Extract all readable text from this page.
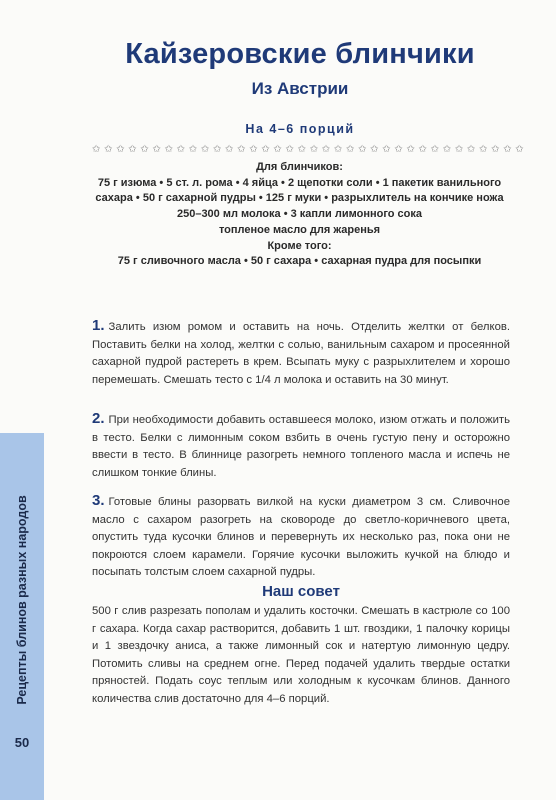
Кайзеровские блинчики
Из Австрии
На 4–6 порций
✩ ✩ ✩ ✩ ✩ ✩ ✩ ✩ ✩ ✩ ✩ ✩ ✩ ✩ ✩ ✩ ✩ ✩ ✩ ✩ ✩ ✩ ✩ ✩ ✩ ✩ ✩ ✩ ✩ ✩ ✩ ✩ ✩ ✩ ✩ ✩
Для блинчиков:
75 г изюма • 5 ст. л. рома • 4 яйца • 2 щепотки соли • 1 пакетик ванильного
сахара • 50 г сахарной пудры • 125 г муки • разрыхлитель на кончике ножа
250–300 мл молока • 3 капли лимонного сока
топленое масло для жаренья
Кроме того:
75 г сливочного масла • 50 г сахара • сахарная пудра для посыпки
1. Залить изюм ромом и оставить на ночь. Отделить желтки от белков. Поставить белки на холод, желтки с солью, ванильным сахаром и просеянной сахарной пудрой растереть в крем. Всыпать муку с разрыхлителем и хорошо перемешать. Смешать тесто с 1/4 л молока и оставить на 30 минут.
2. При необходимости добавить оставшееся молоко, изюм отжать и положить в тесто. Белки с лимонным соком взбить в очень густую пену и осторожно ввести в тесто. В блиннице разогреть немного топленого масла и испечь не слишком тонкие блины.
3. Готовые блины разорвать вилкой на куски диаметром 3 см. Сливочное масло с сахаром разогреть на сковороде до светло-коричневого цвета, опустить туда кусочки блинов и перевернуть их несколько раз, пока они не покроются слоем карамели. Горячие кусочки выложить кучкой на блюдо и посыпать толстым слоем сахарной пудры.
Наш совет
500 г слив разрезать пополам и удалить косточки. Смешать в кастрюле со 100 г сахара. Когда сахар растворится, добавить 1 шт. гвоздики, 1 палочку корицы и 1 звездочку аниса, а также лимонный сок и натертую лимонную цедру. Потомить сливы на среднем огне. Перед подачей удалить твердые остатки пряностей. Подать соус теплым или холодным к кусочкам блинов. Данного количества слив достаточно для 4–6 порций.
Рецепты блинов разных народов
50
